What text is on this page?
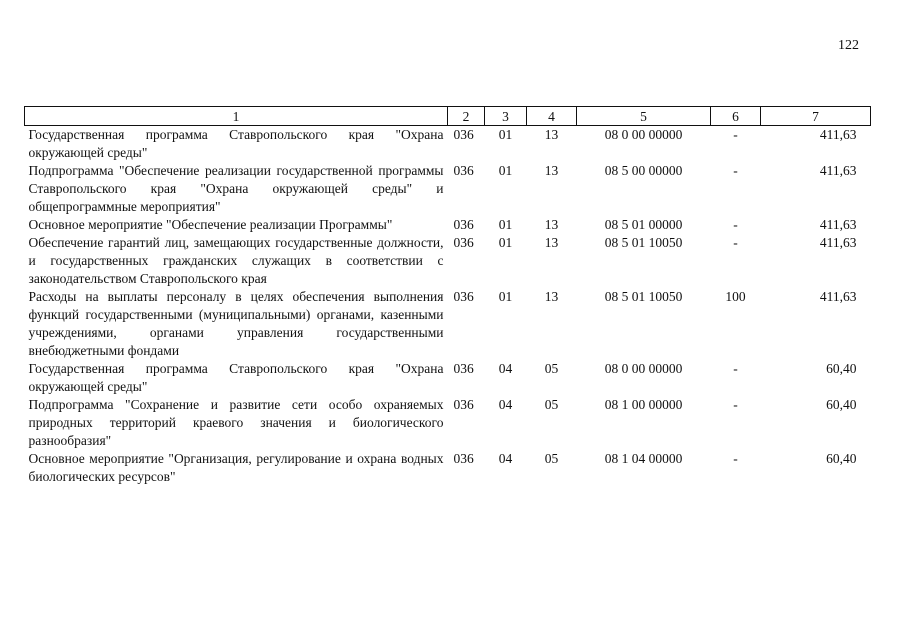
122
1	2	3	4	5	6	7
Государственная программа Ставропольского края "Охрана окружающей среды"	036	01	13	08 0 00 00000	-	411,63
Подпрограмма "Обеспечение реализации государственной программы Ставропольского края "Охрана окружающей среды" и общепрограммные мероприятия"	036	01	13	08 5 00 00000	-	411,63
Основное мероприятие "Обеспечение реализации Программы"	036	01	13	08 5 01 00000	-	411,63
Обеспечение гарантий лиц, замещающих государственные должности, и государственных гражданских служащих в соответствии с законодательством Ставропольского края	036	01	13	08 5 01 10050	-	411,63
Расходы на выплаты персоналу в целях обеспечения выполнения функций государственными (муниципальными) органами, казенными учреждениями, органами управления государственными внебюджетными фондами	036	01	13	08 5 01 10050	100	411,63
Государственная программа Ставропольского края "Охрана окружающей среды"	036	04	05	08 0 00 00000	-	60,40
Подпрограмма "Сохранение и развитие сети особо охраняемых природных территорий краевого значения и биологического разнообразия"	036	04	05	08 1 00 00000	-	60,40
Основное мероприятие "Организация, регулирование и охрана водных биологических ресурсов"	036	04	05	08 1 04 00000	-	60,40
